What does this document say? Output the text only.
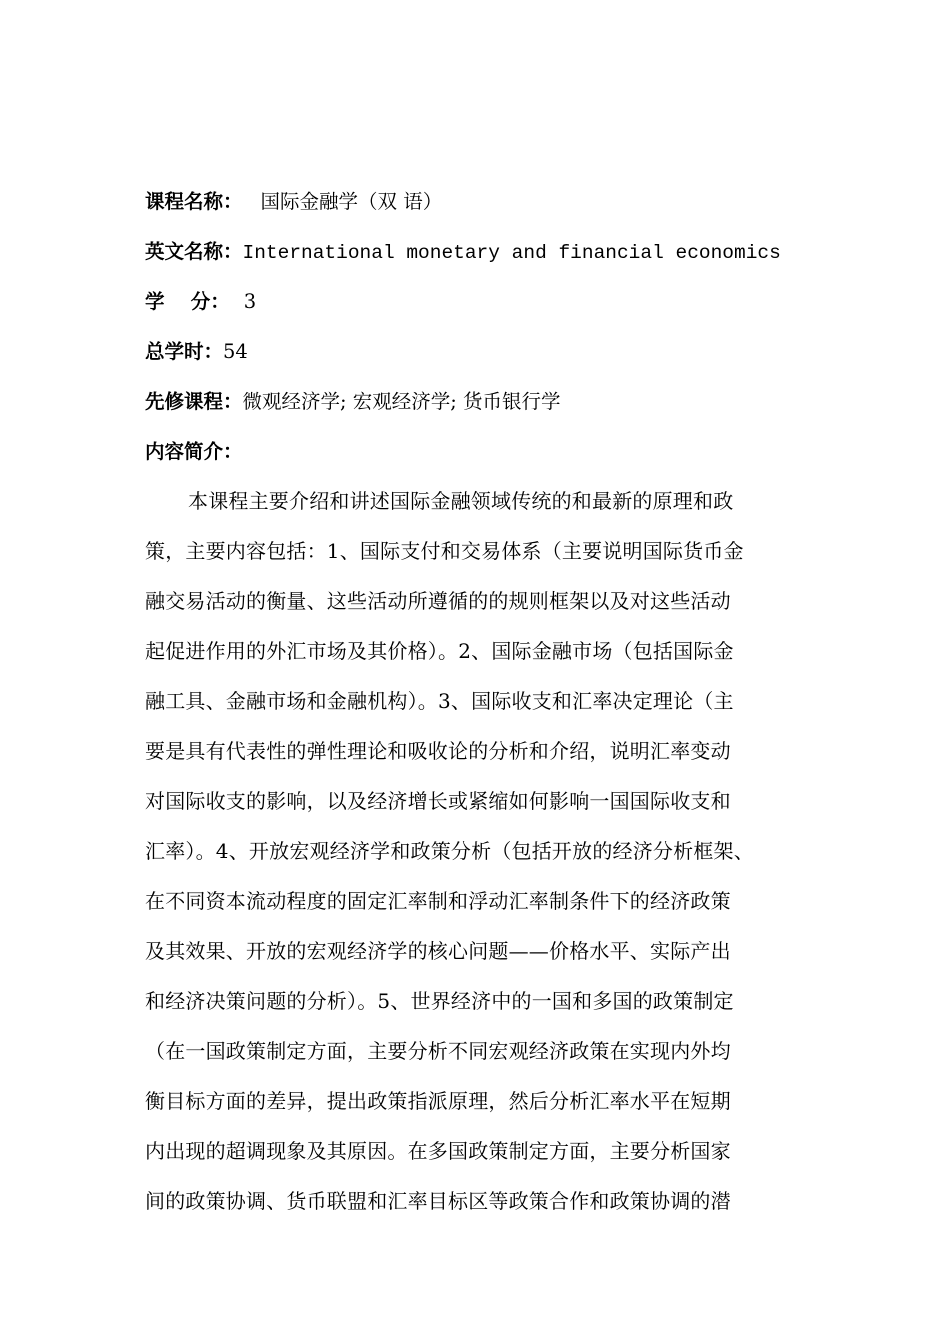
课程名称： 国际金融学（双 语）
英文名称：International monetary and financial economics
学　 分： 3
总学时：54
先修课程：微观经济学; 宏观经济学; 货币银行学
内容简介：
本课程主要介绍和讲述国际金融领域传统的和最新的原理和政
策，主要内容包括：1、国际支付和交易体系（主要说明国际货币金
融交易活动的衡量、这些活动所遵循的的规则框架以及对这些活动
起促进作用的外汇市场及其价格）。2、国际金融市场（包括国际金
融工具、金融市场和金融机构）。3、国际收支和汇率决定理论（主
要是具有代表性的弹性理论和吸收论的分析和介绍，说明汇率变动
对国际收支的影响，以及经济增长或紧缩如何影响一国国际收支和
汇率）。4、开放宏观经济学和政策分析（包括开放的经济分析框架、
在不同资本流动程度的固定汇率制和浮动汇率制条件下的经济政策
及其效果、开放的宏观经济学的核心问题——价格水平、实际产出
和经济决策问题的分析）。5、世界经济中的一国和多国的政策制定
（在一国政策制定方面，主要分析不同宏观经济政策在实现内外均
衡目标方面的差异，提出政策指派原理，然后分析汇率水平在短期
内出现的超调现象及其原因。在多国政策制定方面，主要分析国家
间的政策协调、货币联盟和汇率目标区等政策合作和政策协调的潜
